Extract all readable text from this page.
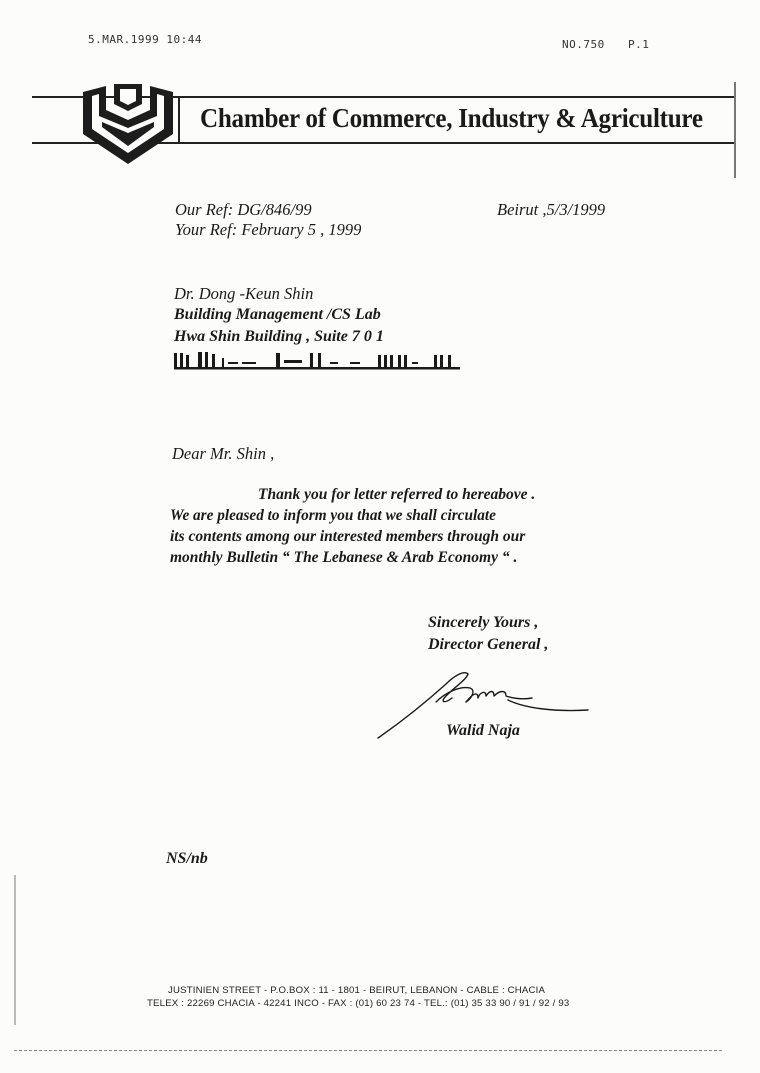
5.MAR.1999 10:44	NO.750 P.1
Chamber of Commerce, Industry & Agriculture
Our Ref: DG/846/99
Your Ref: February 5 , 1999
Beirut ,5/3/1999
Dr. Dong -Keun Shin
Building Management /CS Lab
Hwa Shin Building , Suite 7 0 1
Dear Mr. Shin ,
Thank you for letter referred to hereabove .
We are pleased to inform you that we shall circulate
its contents among our interested members through our
monthly Bulletin “ The Lebanese & Arab Economy “ .
Sincerely Yours ,
Director General ,
Walid Naja
NS/nb
JUSTINIEN STREET - P.O.BOX : 11 - 1801 - BEIRUT, LEBANON - CABLE : CHACIA
TELEX : 22269 CHACIA - 42241 INCO - FAX : (01) 60 23 74 - TEL.: (01) 35 33 90 / 91 / 92 / 93
